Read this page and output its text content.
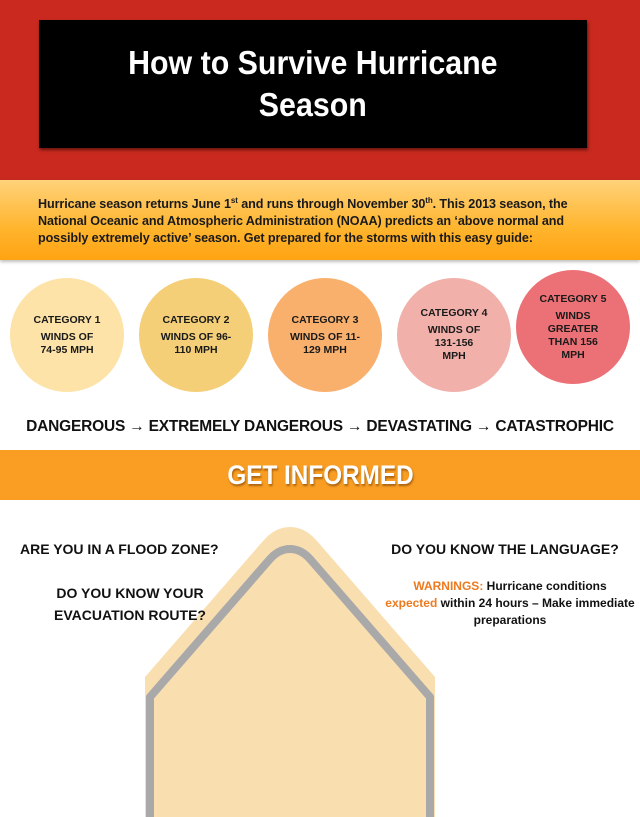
How to Survive Hurricane
Season
Hurricane season returns June 1st and runs through November 30th. This 2013 season, the National Oceanic and Atmospheric Administration (NOAA) predicts an ‘above normal and possibly extremely active’ season. Get prepared for the storms with this easy guide:
CATEGORY 1
WINDS OF 74-95 MPH
CATEGORY 2
WINDS OF 96-110 MPH
CATEGORY 3
WINDS OF 11-129 MPH
CATEGORY 4
WINDS OF 131-156 MPH
CATEGORY 5
WINDS GREATER THAN 156 MPH
DANGEROUS → EXTREMELY DANGEROUS → DEVASTATING → CATASTROPHIC
GET INFORMED
ARE YOU IN A FLOOD ZONE?
DO YOU KNOW YOUR
EVACUATION ROUTE?
DO YOU KNOW THE LANGUAGE?
WARNINGS: Hurricane conditions
expected within 24 hours – Make immediate preparations
